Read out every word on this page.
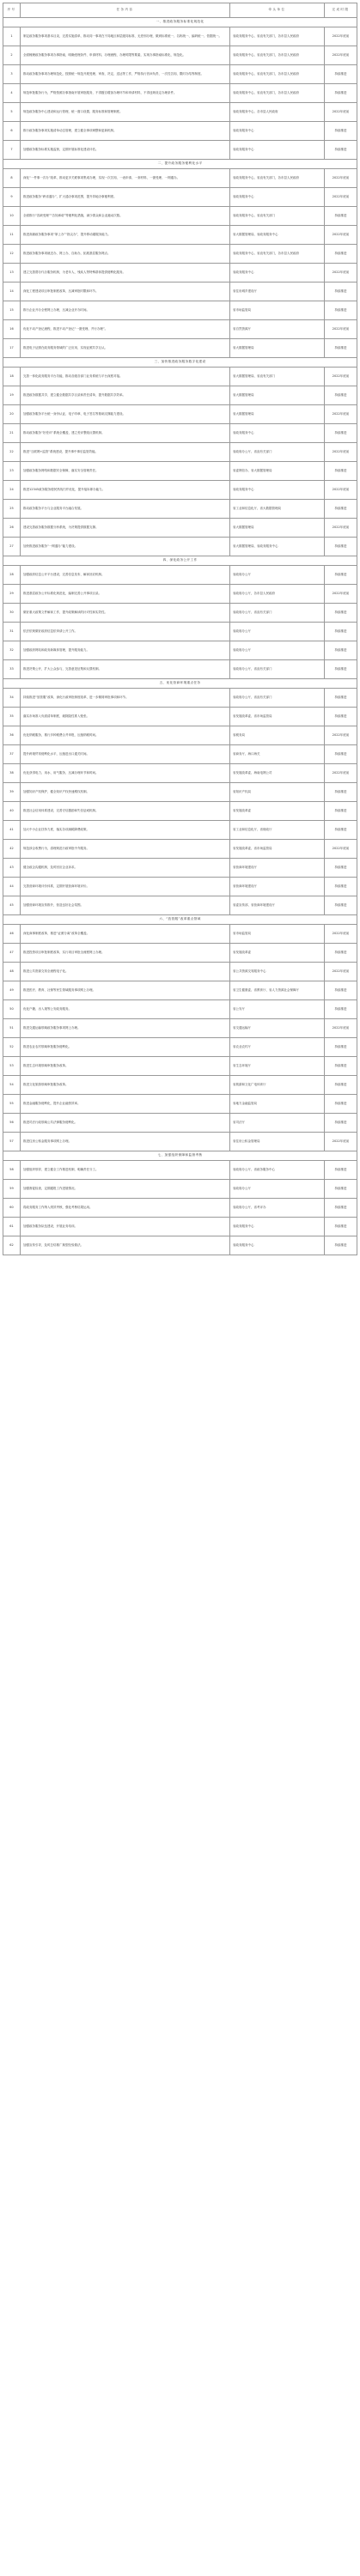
序号	任务内容	牵头单位	完成时限
一、推进政务服务标准化规范化			
1	制定政务服务事项基本目录，完善实施清单，推动同一事项在不同地区和层级同标准、无差别办理，做到标准统一、名称统一、编码统一、依据统一。	省政务服务中心、省直有关部门，各市县人民政府	2022年底前
2	全面梳理政务服务事项办事指南，明确受理条件、申请材料、办理流程、办理时限等要素，实现办事指南标准化、规范化。	省政务服务中心、省直有关部门，各市县人民政府	2022年底前
3	推动政务服务事项办理规范化，按照统一规范开展受理、审查、决定、送达等工作，严格执行首问负责、一次性告知、限时办结等制度。	省政务服务中心、省直有关部门，各市县人民政府	持续推进
4	规范审批服务行为，严格按照办事指南开展审批服务，不得擅自增加办理环节和申请材料，不得违规设定办理条件。	省政务服务中心、省直有关部门，各市县人民政府	持续推进
5	规范政务服务中心建设和运行管理，统一窗口设置、服务标准和管理制度。	省政务服务中心，各市县人民政府	2022年底前
6	推行政务服务事项实施清单动态管理，建立健全事项调整和更新机制。	省政务服务中心	持续推进
7	加强政务服务标准实施监督，定期开展标准化建设评估。	省政务服务中心	持续推进
二、提升政务服务便利化水平			
8	深化“一件事一次办”改革，推动更多关联事项集成办理，实现一次告知、一表申请、一套材料、一窗受理、一网通办。	省政务服务中心、省直有关部门，各市县人民政府	2022年底前
9	推进政务服务“跨省通办”，扩大通办事项范围，提升异地办事便利度。	省政务服务中心	2022年底前
10	全面推行“容缺受理”“告知承诺”等便利化措施，减少群众和企业跑动次数。	省政务服务中心、省直有关部门	持续推进
11	推进高频政务服务事项“掌上办”“指尖办”，提升移动端服务能力。	省大数据管理局、省政务服务中心	2022年底前
12	推进政务服务事项就近办、网上办、自助办，拓展基层服务网点。	省政务服务中心、省直有关部门，各市县人民政府	持续推进
13	建立完善帮办代办服务机制，为老年人、残疾人等特殊群体提供便利化服务。	省政务服务中心	2022年底前
14	深化工程建设项目审批制度改革，压减审批时限和环节。	省住房城乡建设厅	持续推进
15	推行企业开办全程网上办理，压减企业开办时间。	省市场监管局	持续推进
16	优化不动产登记流程，推进不动产登记“一窗受理、并行办理”。	省自然资源厅	2022年底前
17	推进电子证照在政务服务领域的广泛应用，实现证照共享互认。	省大数据管理局	持续推进
三、加快推进政务服务数字化建设			
18	完善一体化政务服务平台功能，推动各级各部门业务系统与平台深度对接。	省大数据管理局、省直有关部门	2022年底前
19	推进政务数据共享，建立健全数据共享目录和责任清单，提升数据共享效率。	省大数据管理局	持续推进
20	加强政务服务平台统一身份认证、电子印章、电子签名等基础支撑能力建设。	省大数据管理局	2022年底前
21	推动政务服务“好差评”系统全覆盖，建立差评整改反馈机制。	省政务服务中心	持续推进
22	推进“互联网+监管”系统建设，提升事中事后监管效能。	省政府办公厅、省直有关部门	2022年底前
23	加强政务服务网络和数据安全保障，落实安全管理责任。	省委网信办、省大数据管理局	持续推进
24	推进12345政务服务便民热线归并优化，提升接诉即办能力。	省政务服务中心	2022年底前
25	推动政务服务平台与企业服务平台融合发展。	省工业和信息化厅、省大数据管理局	持续推进
26	建设完善政务服务数据分析系统，为决策提供数据支撑。	省大数据管理局	2022年底前
27	加快推进政务服务“一网通办”能力建设。	省大数据管理局、省政务服务中心	持续推进
四、深化政务公开工作			
28	加强政府信息公开平台建设，完善信息发布、解读回应机制。	省政府办公厅	持续推进
29	推进基层政务公开标准化规范化，编制完善公开事项目录。	省政府办公厅，各市县人民政府	2022年底前
30	做好重大政策文件解读工作，提升政策解读的针对性和实效性。	省政府办公厅、省直有关部门	持续推进
31	依法依规做好政府信息依申请公开工作。	省政府办公厅	持续推进
32	加强政府网站和政务新媒体管理，提升服务能力。	省政府办公厅	持续推进
33	推进决策公开，扩大公众参与，完善意见征集和反馈机制。	省政府办公厅、省直有关部门	持续推进
五、优化营商环境重点任务			
34	持续推进“放管服”改革，深化行政审批制度改革，进一步精简审批事项和环节。	省政府办公厅、省直有关部门	持续推进
35	落实市场准入负面清单制度，破除隐性准入壁垒。	省发展改革委、省市场监管局	持续推进
36	优化纳税服务，推行多种税费合并申报，压缩纳税时间。	省税务局	2022年底前
37	提升跨境贸易便利化水平，压缩进出口通关时间。	省商务厅、海口海关	持续推进
38	优化获得电力、用水、用气服务，压减办理环节和时间。	省发展改革委、海南电网公司	2022年底前
39	加强知识产权保护，健全知识产权快速维权机制。	省知识产权局	持续推进
40	推进社会信用体系建设，完善守信激励和失信惩戒机制。	省发展改革委	持续推进
41	加大中小企业扶持力度，落实各项减税降费政策。	省工业和信息化厅、省财政厅	持续推进
42	规范涉企收费行为，清理规范行政审批中介服务。	省发展改革委、省市场监管局	2022年底前
43	健全政企沟通机制，及时回应企业诉求。	省营商环境建设厅	持续推进
44	完善营商环境评价体系，定期开展营商环境评价。	省营商环境建设厅	持续推进
45	加强营商环境宣传推介，营造良好社会氛围。	省委宣传部、省营商环境建设厅	持续推进
六、“放管服”改革重点领域			
46	深化商事制度改革，推进“证照分离”改革全覆盖。	省市场监管局	2022年底前
47	推进投资项目审批制度改革，实行项目审批全流程网上办理。	省发展改革委	持续推进
48	推进公共资源交易全流程电子化。	省公共资源交易服务中心	2022年底前
49	推进医疗、教育、社保等民生领域服务事项网上办理。	省卫生健康委、省教育厅、省人力资源社会保障厅	持续推进
50	优化户籍、出入境等公安政务服务。	省公安厅	持续推进
51	推进交通运输领域政务服务事项网上办理。	省交通运输厅	2022年底前
52	推进农业农村领域审批服务便利化。	省农业农村厅	持续推进
53	推进生态环境领域审批服务改革。	省生态环境厅	持续推进
54	推进文化旅游领域审批服务改革。	省旅游和文化广电体育厅	持续推进
55	推进金融服务便利化，提升企业融资效率。	省地方金融监管局	持续推进
56	推进司法行政领域公共法律服务便利化。	省司法厅	持续推进
57	推进住房公积金服务事项网上办理。	省住房公积金管理局	2022年底前
七、加强组织保障和监督考核			
58	加强组织领导，建立健全工作推进机制，明确责任分工。	省政府办公厅、省政务服务中心	持续推进
59	加强督促检查，定期通报工作进展情况。	省政府办公厅	持续推进
60	将政务服务工作纳入绩效考核，强化考核结果运用。	省政府办公厅、省考评办	持续推进
61	加强政务服务队伍建设，开展业务培训。	省政务服务中心	持续推进
62	加强宣传引导，及时总结推广典型经验做法。	省政务服务中心	持续推进
